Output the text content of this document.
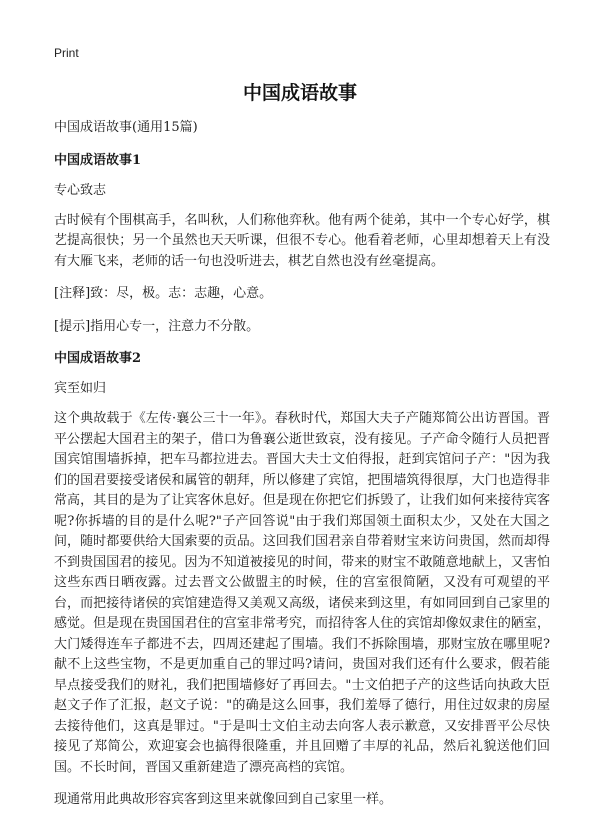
Print
中国成语故事

中国成语故事(通用15篇)

中国成语故事1

专心致志

古时候有个围棋高手，名叫秋，人们称他弈秋。他有两个徒弟，其中一个专心好学，棋艺提高很快；另一个虽然也天天听课，但很不专心。他看着老师，心里却想着天上有没有大雁飞来，老师的话一句也没听进去，棋艺自然也没有丝毫提高。

[注释]致：尽，极。志：志趣，心意。

[提示]指用心专一，注意力不分散。

中国成语故事2

宾至如归

这个典故载于《左传·襄公三十一年》。春秋时代，郑国大夫子产随郑简公出访晋国。晋平公摆起大国君主的架子，借口为鲁襄公逝世致哀，没有接见。子产命令随行人员把晋国宾馆围墙拆掉，把车马都拉进去。晋国大夫士文伯得报，赶到宾馆问子产："因为我们的国君要接受诸侯和属管的朝拜，所以修建了宾馆，把围墙筑得很厚，大门也造得非常高，其目的是为了让宾客休息好。但是现在你把它们拆毁了，让我们如何来接待宾客呢?你拆墙的目的是什么呢?"子产回答说"由于我们郑国领土面积太少，又处在大国之间，随时都要供给大国索要的贡品。这回我们国君亲自带着财宝来访问贵国，然而却得不到贵国国君的接见。因为不知道被接见的时间，带来的财宝不敢随意地献上，又害怕这些东西日晒夜露。过去晋文公做盟主的时候，住的宫室很简陋，又没有可观望的平台，而把接待诸侯的宾馆建造得又美观又高级，诸侯来到这里，有如同回到自己家里的感觉。但是现在贵国国君住的宫室非常考究，而招待客人住的宾馆却像奴隶住的陋室，大门矮得连车子都进不去，四周还建起了围墙。我们不拆除围墙，那财宝放在哪里呢?献不上这些宝物，不是更加重自己的罪过吗?请问，贵国对我们还有什么要求，假若能早点接受我们的财礼，我们把围墙修好了再回去。"士文伯把子产的这些话向执政大臣赵文子作了汇报，赵文子说："的确是这么回事，我们羞辱了德行，用住过奴隶的房屋去接待他们，这真是罪过。"于是叫士文伯主动去向客人表示歉意，又安排晋平公尽快接见了郑简公，欢迎宴会也搞得很隆重，并且回赠了丰厚的礼品，然后礼貌送他们回国。不长时间，晋国又重新建造了漂亮高档的宾馆。

现通常用此典故形容宾客到这里来就像回到自己家里一样。
